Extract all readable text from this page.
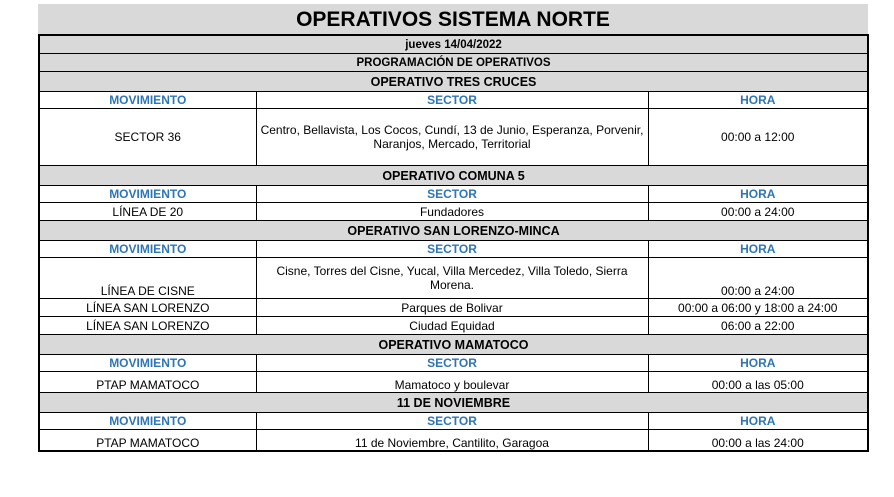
OPERATIVOS SISTEMA NORTE
jueves 14/04/2022		
PROGRAMACIÓN DE OPERATIVOS		
OPERATIVO TRES CRUCES		
MOVIMIENTO	SECTOR	HORA
SECTOR 36	Centro, Bellavista, Los Cocos, Cundí, 13 de Junio, Esperanza, Porvenir, Naranjos, Mercado, Territorial	00:00 a 12:00
OPERATIVO COMUNA 5		
MOVIMIENTO	SECTOR	HORA
LÍNEA DE 20	Fundadores	00:00 a 24:00
OPERATIVO SAN LORENZO-MINCA		
MOVIMIENTO	SECTOR	HORA
LÍNEA DE CISNE	Cisne, Torres del Cisne, Yucal, Villa Mercedez, Villa Toledo, Sierra Morena.	00:00 a 24:00
LÍNEA SAN LORENZO	Parques de Bolivar	00:00 a 06:00 y 18:00 a 24:00
LÍNEA SAN LORENZO	Ciudad Equidad	06:00 a 22:00
OPERATIVO MAMATOCO		
MOVIMIENTO	SECTOR	HORA
PTAP MAMATOCO	Mamatoco y boulevar	00:00 a las 05:00
11 DE NOVIEMBRE		
MOVIMIENTO	SECTOR	HORA
PTAP MAMATOCO	11 de Noviembre, Cantilito, Garagoa	00:00 a las 24:00
